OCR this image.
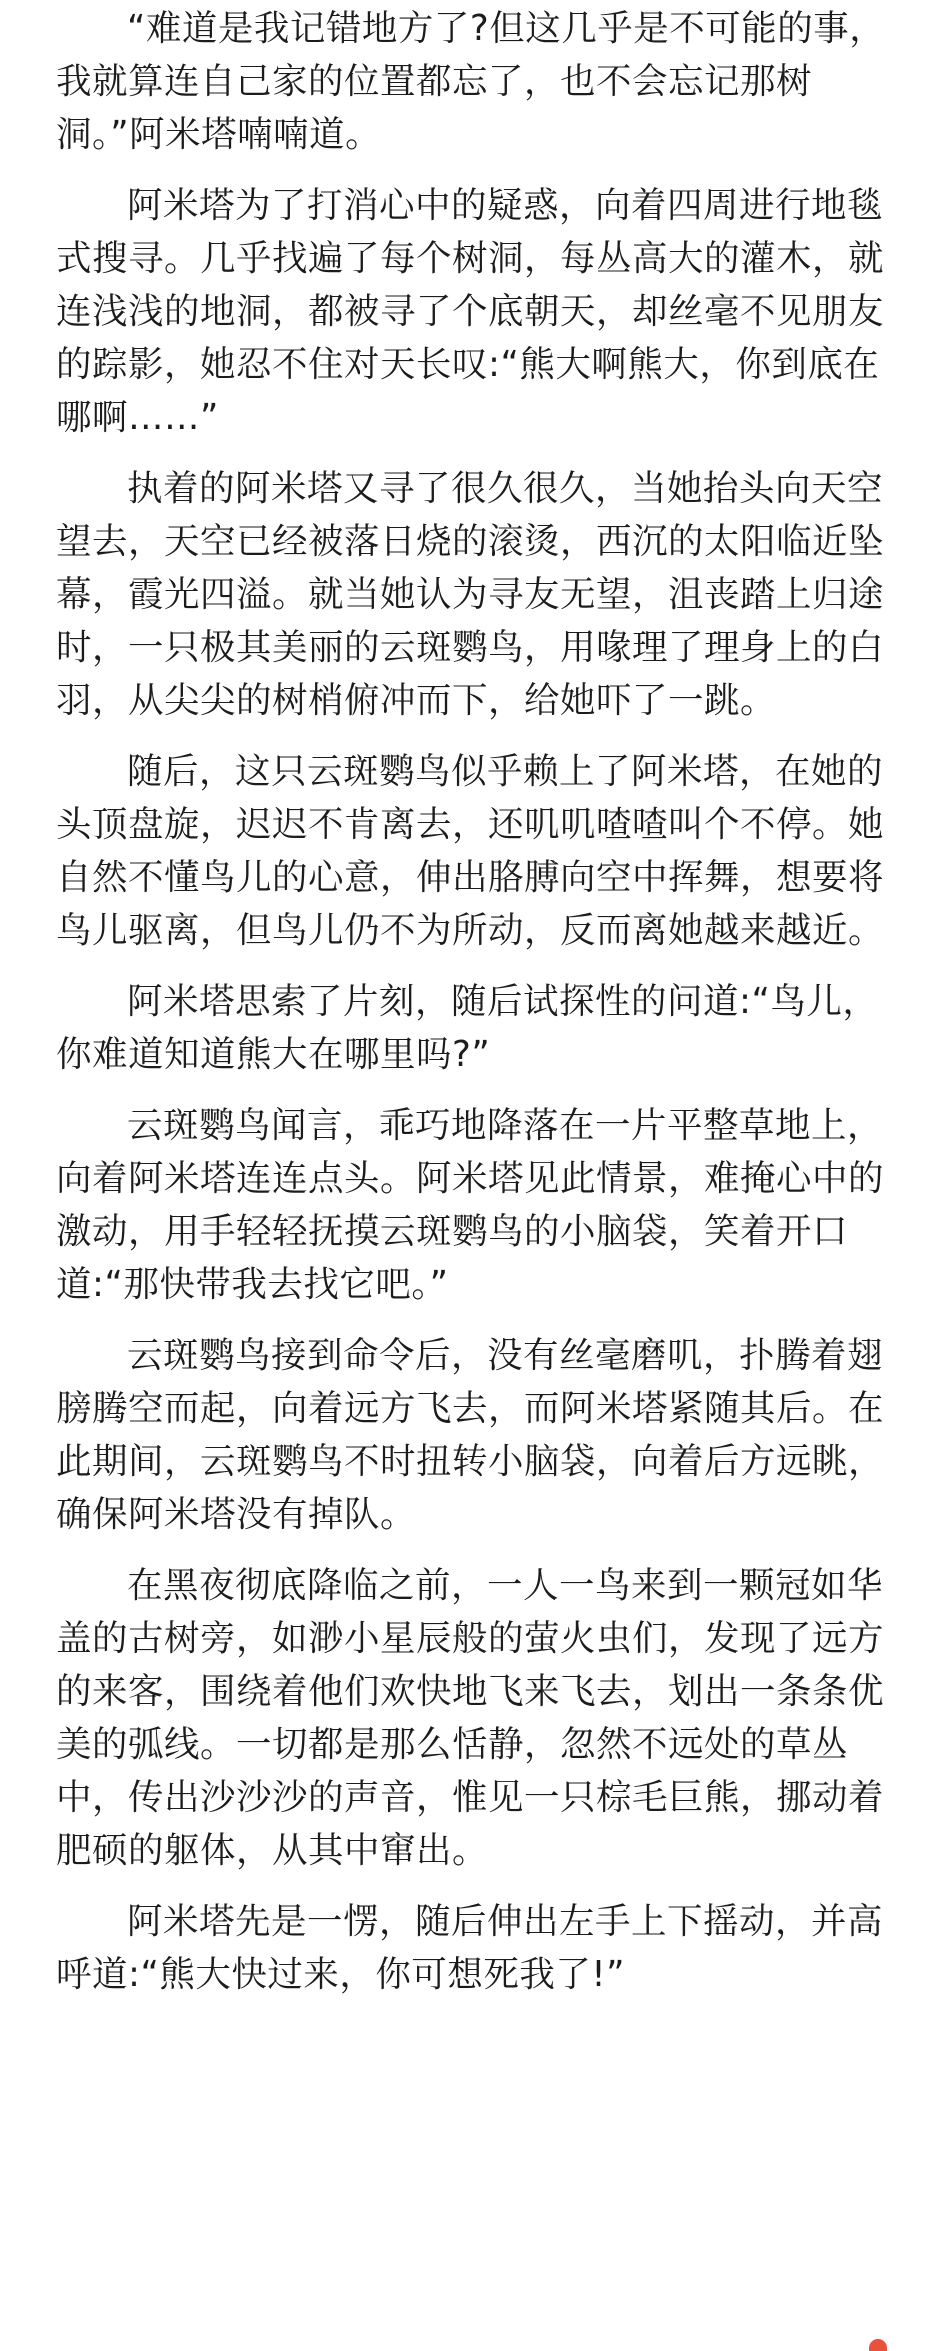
“难道是我记错地方了?但这几乎是不可能的事，我就算连自己家的位置都忘了，也不会忘记那树洞。”阿米塔喃喃道。

阿米塔为了打消心中的疑惑，向着四周进行地毯式搜寻。几乎找遍了每个树洞，每丛高大的灌木，就连浅浅的地洞，都被寻了个底朝天，却丝毫不见朋友的踪影，她忍不住对天长叹:“熊大啊熊大，你到底在哪啊……”

执着的阿米塔又寻了很久很久，当她抬头向天空望去，天空已经被落日烧的滚烫，西沉的太阳临近坠幕，霞光四溢。就当她认为寻友无望，沮丧踏上归途时，一只极其美丽的云斑鹦鸟，用喙理了理身上的白羽，从尖尖的树梢俯冲而下，给她吓了一跳。

随后，这只云斑鹦鸟似乎赖上了阿米塔，在她的头顶盘旋，迟迟不肯离去，还叽叽喳喳叫个不停。她自然不懂鸟儿的心意，伸出胳膊向空中挥舞，想要将鸟儿驱离，但鸟儿仍不为所动，反而离她越来越近。

阿米塔思索了片刻，随后试探性的问道:“鸟儿，你难道知道熊大在哪里吗?”

云斑鹦鸟闻言，乖巧地降落在一片平整草地上，向着阿米塔连连点头。阿米塔见此情景，难掩心中的激动，用手轻轻抚摸云斑鹦鸟的小脑袋，笑着开口道:“那快带我去找它吧。”

云斑鹦鸟接到命令后，没有丝毫磨叽，扑腾着翅膀腾空而起，向着远方飞去，而阿米塔紧随其后。在此期间，云斑鹦鸟不时扭转小脑袋，向着后方远眺，确保阿米塔没有掉队。

在黑夜彻底降临之前，一人一鸟来到一颗冠如华盖的古树旁，如渺小星辰般的萤火虫们，发现了远方的来客，围绕着他们欢快地飞来飞去，划出一条条优美的弧线。一切都是那么恬静，忽然不远处的草丛中，传出沙沙沙的声音，惟见一只棕毛巨熊，挪动着肥硕的躯体，从其中窜出。

阿米塔先是一愣，随后伸出左手上下摇动，并高呼道:“熊大快过来，你可想死我了!”
